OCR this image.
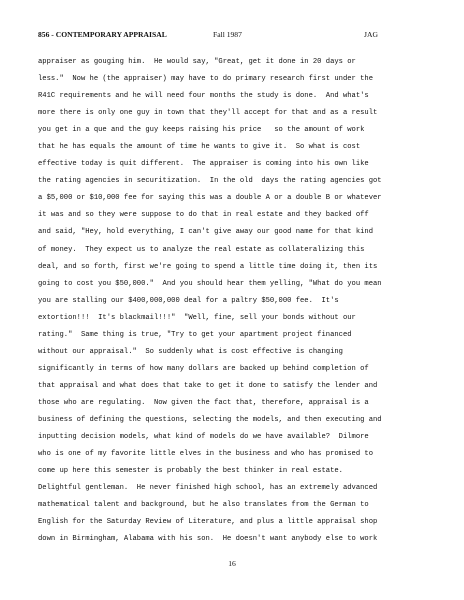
856 - CONTEMPORARY APPRAISAL	Fall 1987	JAG
appraiser as gouging him.  He would say, "Great, get it done in 20 days or
less."  Now he (the appraiser) may have to do primary research first under the
R41C requirements and he will need four months the study is done.  And what's
more there is only one guy in town that they'll accept for that and as a result
you get in a que and the guy keeps raising his price   so the amount of work
that he has equals the amount of time he wants to give it.  So what is cost
effective today is quit different.  The appraiser is coming into his own like
the rating agencies in securitization.  In the old  days the rating agencies got
a $5,000 or $10,000 fee for saying this was a double A or a double B or whatever
it was and so they were suppose to do that in real estate and they backed off
and said, "Hey, hold everything, I can't give away our good name for that kind
of money.  They expect us to analyze the real estate as collateralizing this
deal, and so forth, first we're going to spend a little time doing it, then its
going to cost you $50,000."  And you should hear them yelling, "What do you mean
you are stalling our $400,000,000 deal for a paltry $50,000 fee.  It's
extortion!!!  It's blackmail!!!"  "Well, fine, sell your bonds without our
rating."  Same thing is true, "Try to get your apartment project financed
without our appraisal."  So suddenly what is cost effective is changing
significantly in terms of how many dollars are backed up behind completion of
that appraisal and what does that take to get it done to satisfy the lender and
those who are regulating.  Now given the fact that, therefore, appraisal is a
business of defining the questions, selecting the models, and then executing and
inputting decision models, what kind of models do we have available?  Dilmore
who is one of my favorite little elves in the business and who has promised to
come up here this semester is probably the best thinker in real estate.
Delightful gentleman.  He never finished high school, has an extremely advanced
mathematical talent and background, but he also translates from the German to
English for the Saturday Review of Literature, and plus a little appraisal shop
down in Birmingham, Alabama with his son.  He doesn't want anybody else to work
16
